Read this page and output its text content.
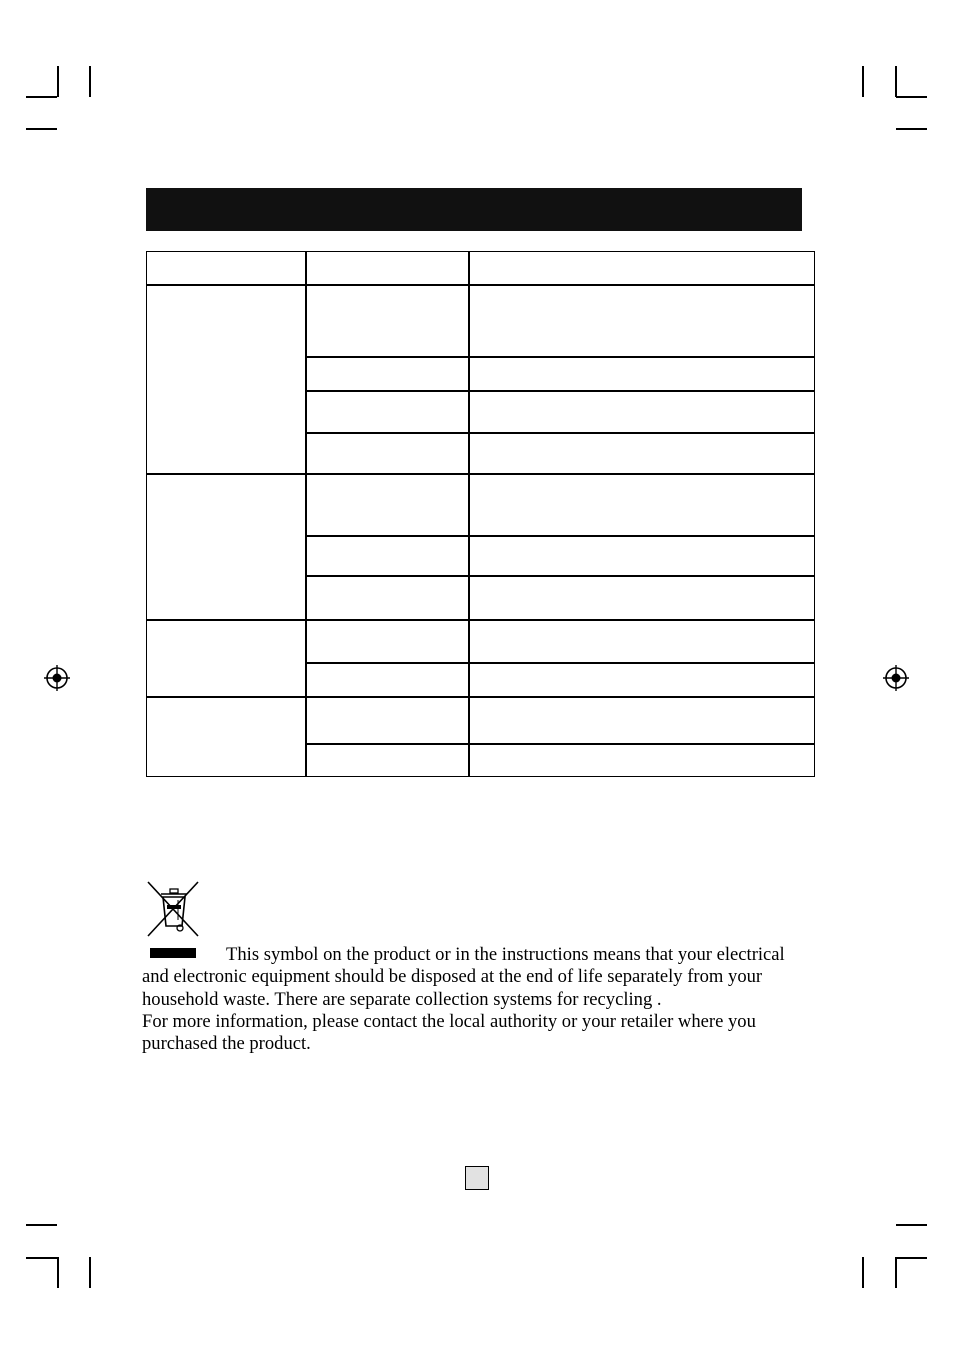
This symbol on the product or in the instructions means that your electrical
and electronic equipment should be disposed at the end of life separately from your
household waste. There are separate collection systems for recycling .
For more information, please contact the local authority or your retailer where you
purchased the product.
